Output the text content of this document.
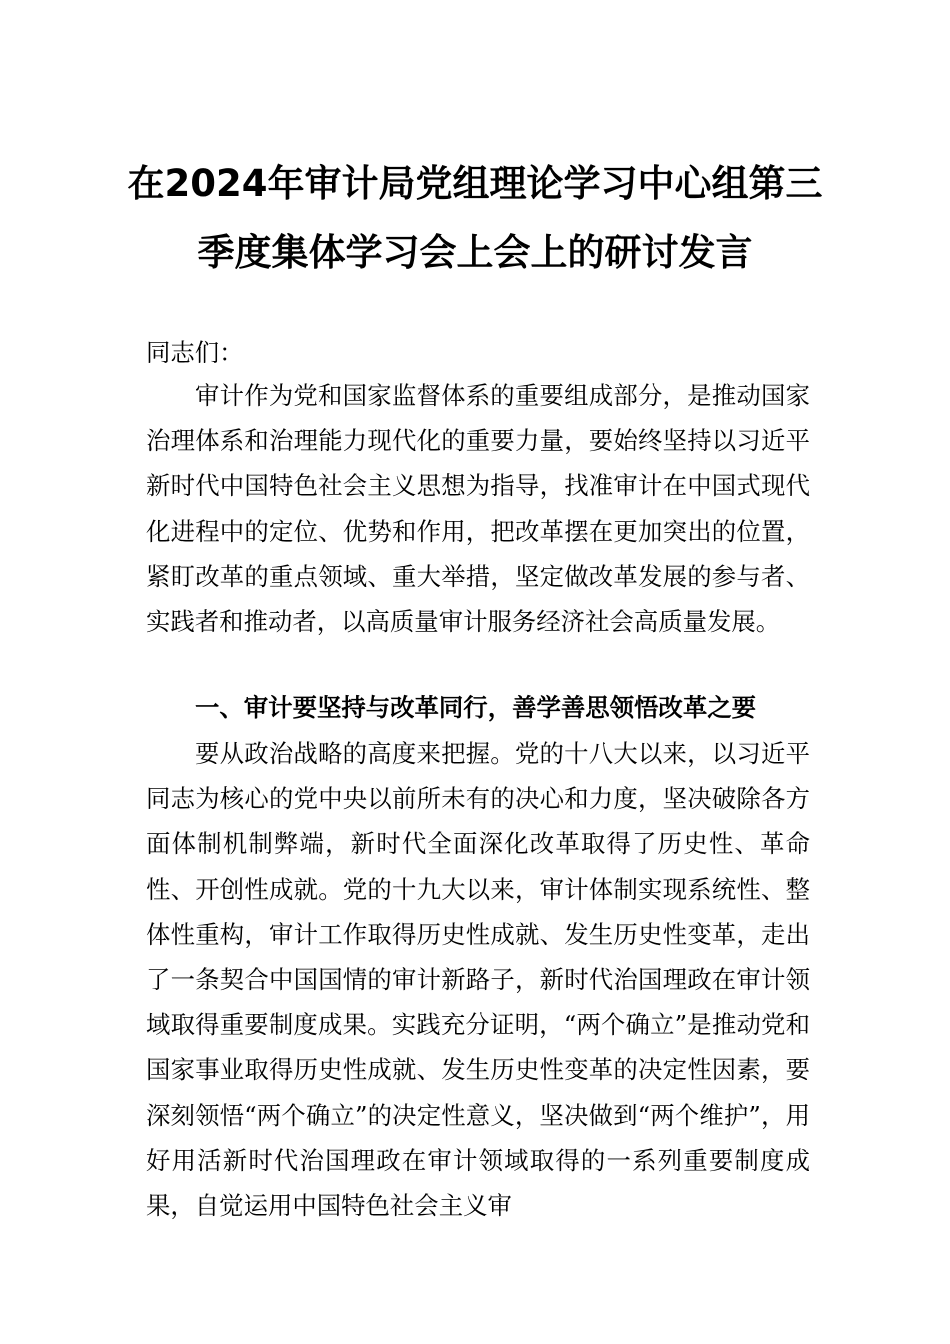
在2024年审计局党组理论学习中心组第三
季度集体学习会上会上的研讨发言

同志们：

审计作为党和国家监督体系的重要组成部分，是推动国家治理体系和治理能力现代化的重要力量，要始终坚持以习近平新时代中国特色社会主义思想为指导，找准审计在中国式现代化进程中的定位、优势和作用，把改革摆在更加突出的位置，紧盯改革的重点领域、重大举措，坚定做改革发展的参与者、实践者和推动者，以高质量审计服务经济社会高质量发展。

一、审计要坚持与改革同行，善学善思领悟改革之要

要从政治战略的高度来把握。党的十八大以来，以习近平同志为核心的党中央以前所未有的决心和力度，坚决破除各方面体制机制弊端，新时代全面深化改革取得了历史性、革命性、开创性成就。党的十九大以来，审计体制实现系统性、整体性重构，审计工作取得历史性成就、发生历史性变革，走出了一条契合中国国情的审计新路子，新时代治国理政在审计领域取得重要制度成果。实践充分证明，“两个确立”是推动党和国家事业取得历史性成就、发生历史性变革的决定性因素，要深刻领悟“两个确立”的决定性意义，坚决做到“两个维护”，用好用活新时代治国理政在审计领域取得的一系列重要制度成果，自觉运用中国特色社会主义审
